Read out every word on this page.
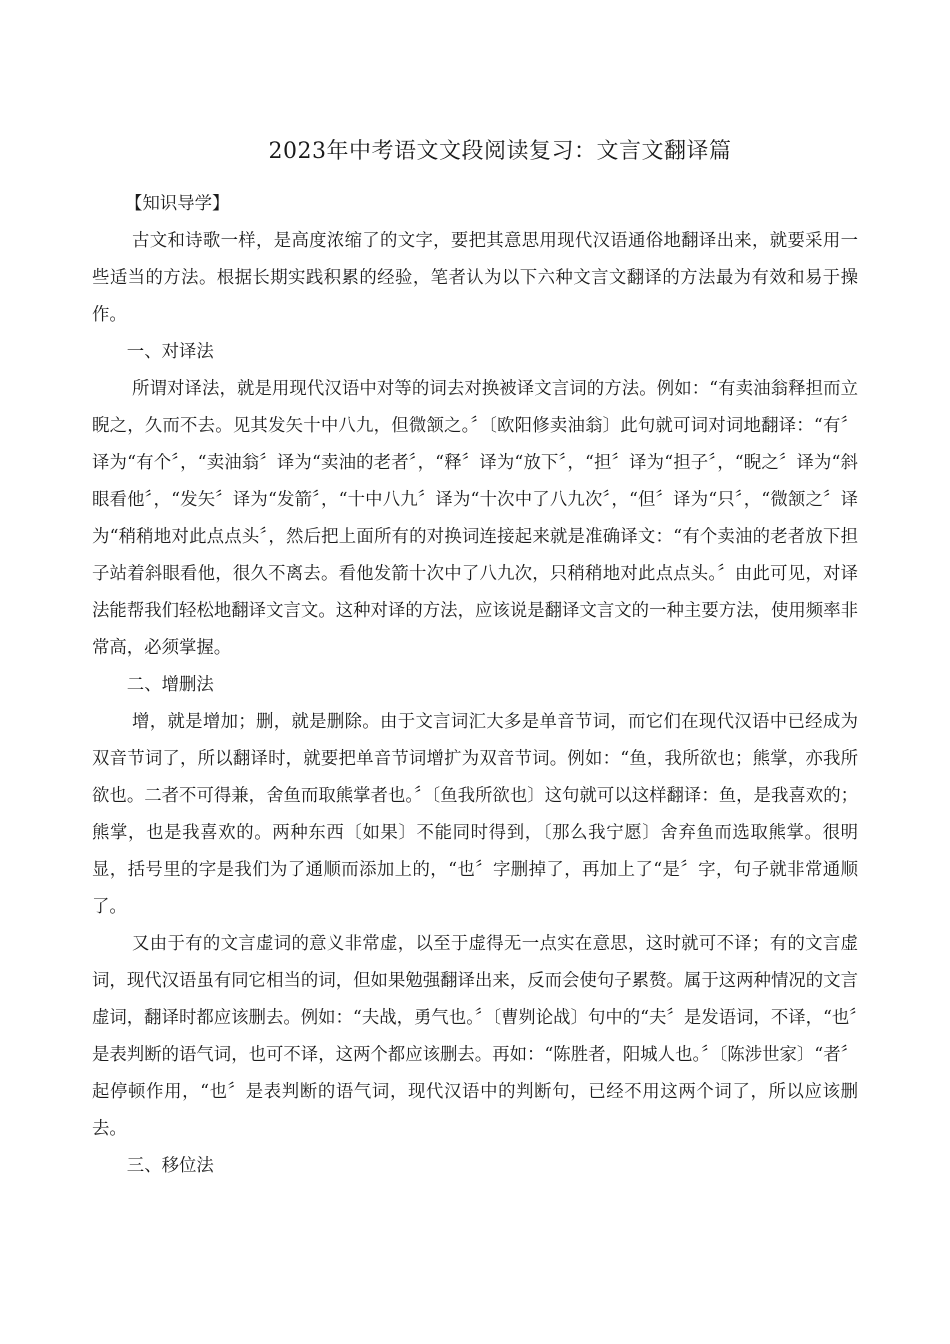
2023年中考语文文段阅读复习：文言文翻译篇

【知识导学】

古文和诗歌一样，是高度浓缩了的文字，要把其意思用现代汉语通俗地翻译出来，就要采用一些适当的方法。根据长期实践积累的经验，笔者认为以下六种文言文翻译的方法最为有效和易于操作。

一、对译法

所谓对译法，就是用现代汉语中对等的词去对换被译文言词的方法。例如：“有卖油翁释担而立睨之，久而不去。见其发矢十中八九，但微颔之。〞〔欧阳修卖油翁〕此句就可词对词地翻译：“有〞译为“有个〞，“卖油翁〞译为“卖油的老者〞，“释〞译为“放下〞，“担〞译为“担子〞，“睨之〞译为“斜眼看他〞，“发矢〞译为“发箭〞，“十中八九〞译为“十次中了八九次〞，“但〞译为“只〞，“微颔之〞译为“稍稍地对此点点头〞，然后把上面所有的对换词连接起来就是准确译文：“有个卖油的老者放下担子站着斜眼看他，很久不离去。看他发箭十次中了八九次，只稍稍地对此点点头。〞由此可见，对译法能帮我们轻松地翻译文言文。这种对译的方法，应该说是翻译文言文的一种主要方法，使用频率非常高，必须掌握。

二、增删法

增，就是增加；删，就是删除。由于文言词汇大多是单音节词，而它们在现代汉语中已经成为双音节词了，所以翻译时，就要把单音节词增扩为双音节词。例如：“鱼，我所欲也；熊掌，亦我所欲也。二者不可得兼，舍鱼而取熊掌者也。〞〔鱼我所欲也〕这句就可以这样翻译：鱼，是我喜欢的；熊掌，也是我喜欢的。两种东西〔如果〕不能同时得到，〔那么我宁愿〕舍弃鱼而选取熊掌。很明显，括号里的字是我们为了通顺而添加上的，“也〞字删掉了，再加上了“是〞字，句子就非常通顺了。

又由于有的文言虚词的意义非常虚，以至于虚得无一点实在意思，这时就可不译；有的文言虚词，现代汉语虽有同它相当的词，但如果勉强翻译出来，反而会使句子累赘。属于这两种情况的文言虚词，翻译时都应该删去。例如：“夫战，勇气也。〞〔曹刿论战〕句中的“夫〞是发语词，不译，“也〞是表判断的语气词，也可不译，这两个都应该删去。再如：“陈胜者，阳城人也。〞〔陈涉世家〕“者〞起停顿作用，“也〞是表判断的语气词，现代汉语中的判断句，已经不用这两个词了，所以应该删去。

三、移位法
